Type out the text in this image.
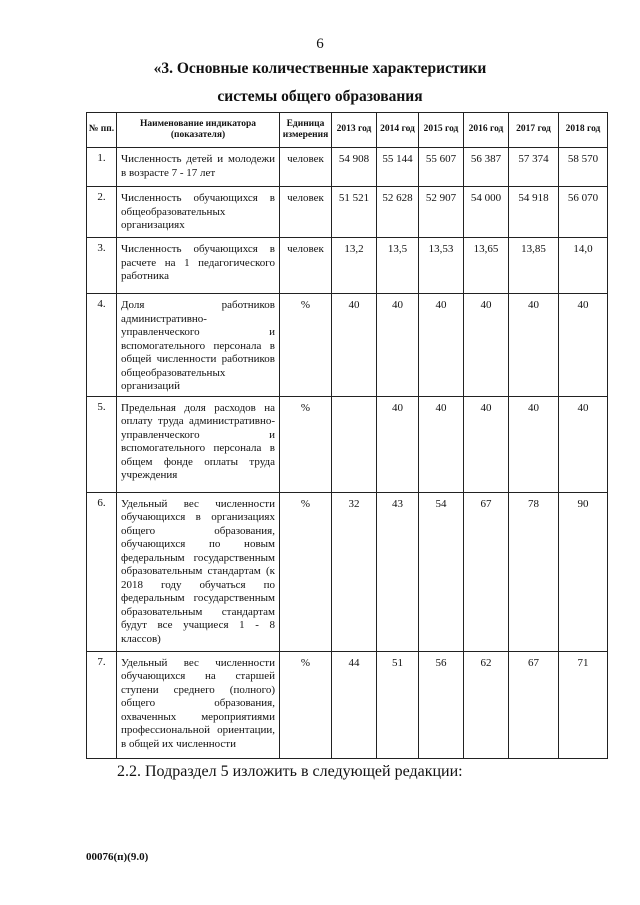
6
«3. Основные количественные характеристики
системы общего образования
№ пп.	Наименование индикатора (показателя)	Единица измерения	2013 год	2014 год	2015 год	2016 год	2017 год	2018 год
1.	Численность детей и молодежи в возрасте 7 - 17 лет	человек	54 908	55 144	55 607	56 387	57 374	58 570
2.	Численность обучающихся в общеобразовательных организациях	человек	51 521	52 628	52 907	54 000	54 918	56 070
3.	Численность обучающихся в расчете на 1 педагогического работника	человек	13,2	13,5	13,53	13,65	13,85	14,0
4.	Доля работников административно-управленческого и вспомогательного персонала в общей численности работников общеобразовательных организаций	%	40	40	40	40	40	40
5.	Предельная доля расходов на оплату труда административно-управленческого и вспомогательного персонала в общем фонде оплаты труда учреждения	%		40	40	40	40	40
6.	Удельный вес численности обучающихся в организациях общего образования, обучающихся по новым федеральным государственным образовательным стандартам (к 2018 году обучаться по федеральным государственным образовательным стандартам будут все учащиеся 1 - 8 классов)	%	32	43	54	67	78	90
7.	Удельный вес численности обучающихся на старшей ступени среднего (полного) общего образования, охваченных мероприятиями профессиональной ориентации, в общей их численности	%	44	51	56	62	67	71
2.2. Подраздел 5 изложить в следующей редакции:
00076(п)(9.0)
